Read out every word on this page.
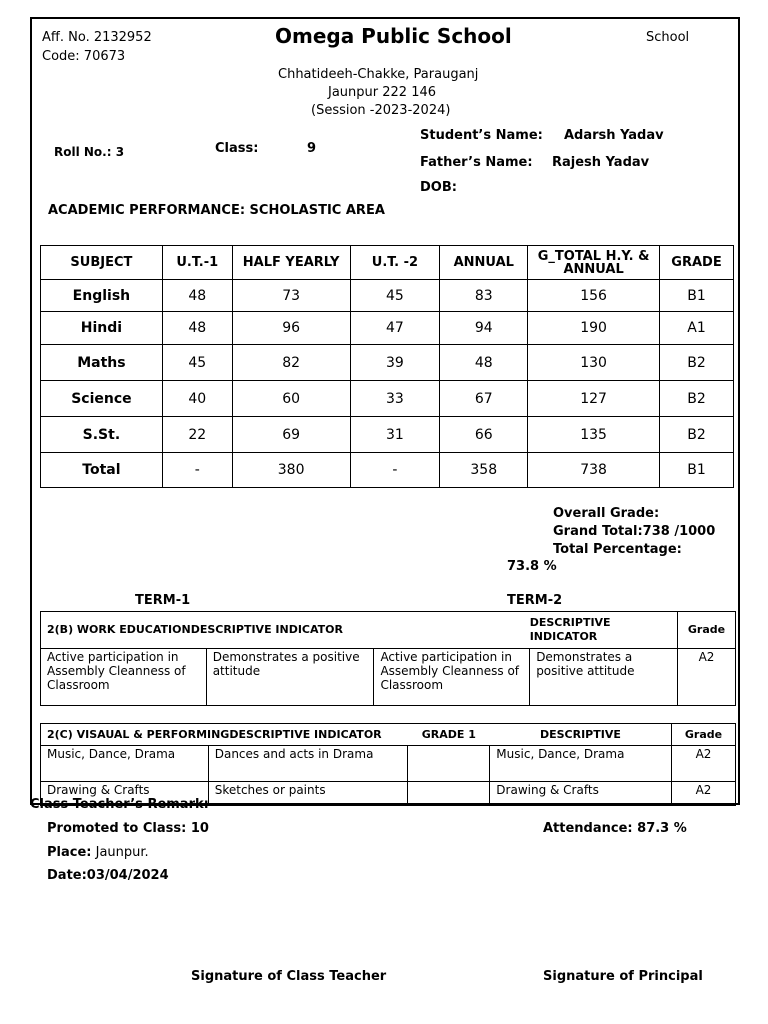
Aff. No. 2132952
Code: 70673
Omega Public School	School
Chhatideeh-Chakke, Parauganj
Jaunpur 222 146
(Session -2023-2024)
Roll No.: 3	Class:	9
Student’s Name: Adarsh Yadav
Father’s Name: Rajesh Yadav
DOB:
ACADEMIC PERFORMANCE: SCHOLASTIC AREA
SUBJECT	U.T.-1	HALF YEARLY	U.T. -2	ANNUAL	G_TOTAL H.Y. & ANNUAL	GRADE
English	48	73	45	83	156	B1
Hindi	48	96	47	94	190	A1
Maths	45	82	39	48	130	B2
Science	40	60	33	67	127	B2
S.St.	22	69	31	66	135	B2
Total	-	380	-	358	738	B1
Overall Grade:
Grand Total:738 /1000
Total Percentage:
73.8 %
TERM-1	TERM-2
2(B) WORK EDUCATIONDESCRIPTIVE INDICATOR			DESCRIPTIVE INDICATOR	Grade
Active participation in Assembly Cleanness of Classroom	Demonstrates a positive attitude	Active participation in Assembly Cleanness of Classroom	Demonstrates a positive attitude	A2
2(C) VISAUAL & PERFORMINGDESCRIPTIVE INDICATOR		GRADE 1	DESCRIPTIVE	Grade
Music, Dance, Drama	Dances and acts in Drama		Music, Dance, Drama	A2
Drawing & Crafts	Sketches or paints		Drawing & Crafts	A2
Class Teacher’s Remark:
Promoted to Class: 10	Attendance: 87.3 %
Place: Jaunpur.
Date:03/04/2024
Signature of Class Teacher	Signature of Principal
